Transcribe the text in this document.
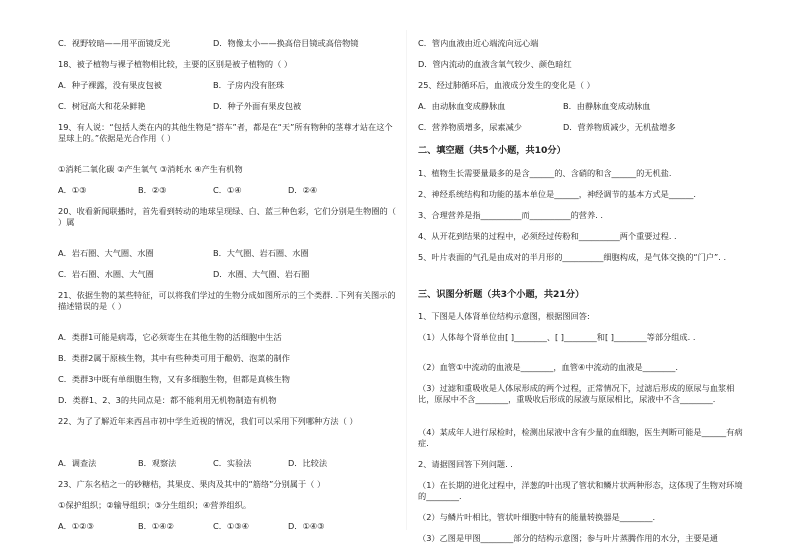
C．视野较暗——用平面镜反光	D．物像太小——换高倍目镜或高倍物镜
18、被子植物与裸子植物相比较，主要的区别是被子植物的（ ）
A．种子裸露，没有果皮包被	B．子房内没有胚珠
C．树冠高大和花朵鲜艳	D．种子外面有果皮包被
19、有人说：“包括人类在内的其他生物是“搭车”者，都是在“天”所有物种的茎尊才站在这个星球上的。”依据是光合作用（ ）
①消耗二氧化碳 ②产生氧气 ③消耗水 ④产生有机物
A．①③	B．②③	C．①④	D．②④
20、收看新闻联播时，首先看到转动的地球呈现绿、白、蓝三种色彩，它们分别是生物圈的（ ）属
A．岩石圈、大气圈、水圈	B．大气圈、岩石圈、水圈
C．岩石圈、水圈、大气圈	D．水圈、大气圈、岩石圈
21、依据生物的某些特征，可以将我们学过的生物分成如图所示的三个类群. .下列有关图示的描述错误的是（ ）
A．类群1可能是病毒，它必须寄生在其他生物的活细胞中生活
B．类群2属于原核生物，其中有些种类可用于酿奶、泡菜的制作
C．类群3中既有单细胞生物，又有多细胞生物，但都是真核生物
D．类群1、2、3的共同点是：都不能利用无机物制造有机物
22、为了了解近年来西昌市初中学生近视的情况，我们可以采用下列哪种方法（ ）
A．调查法	B．观察法	C．实验法	D．比较法
23、广东名桔之一的砂糖桔，其果皮、果肉及其中的“筋络”分别属于（ ）
①保护组织；②输导组织；③分生组织；④营养组织。
A．①②③	B．①④②	C．①③④	D．①④③
C．管内血液由近心端流向远心端
D．管内流动的血液含氧气较少、颜色暗红
25、经过肺循环后，血液成分发生的变化是（ ）
A．由动脉血变成静脉血	B．由静脉血变成动脉血
C．营养物质增多，尿素减少	D．营养物质减少，无机盐增多
二、填空题（共5个小题，共10分）
1、植物生长需要量最多的是含______的、含硝的和含______的无机盐.
2、神经系统结构和功能的基本单位是______，神经调节的基本方式是______.
3、合理营养是指__________而__________的营养. .
4、从开花到结果的过程中，必须经过传粉和__________两个重要过程. .
5、叶片表面的气孔是由成对的半月形的__________细胞构成，是气体交换的“门户”. .
三、识图分析题（共3个小题，共21分）
1、下图是人体肾单位结构示意图，根据图回答:
（1）人体每个肾单位由[ ]________、[ ]________和[ ]________等部分组成. .
（2）血管①中流动的血液是________，血管④中流动的血液是________.
（3）过滤和重吸收是人体尿形成的两个过程，正常情况下，过滤后形成的原尿与血浆相比，原尿中不含________，重吸收后形成的尿液与原尿相比，尿液中不含________.
（4）某成年人进行尿检时，检测出尿液中含有少量的血细胞，医生判断可能是______有病症.
2、请据图回答下列问题. .
（1）在长期的进化过程中，洋葱的叶出现了管状和鳞片状两种形态，这体现了生物对环境的________.
（2）与鳞片叶相比，管状叶细胞中特有的能量转换器是________.
（3）乙图是甲图________部分的结构示意图；参与叶片蒸腾作用的水分，主要是通
